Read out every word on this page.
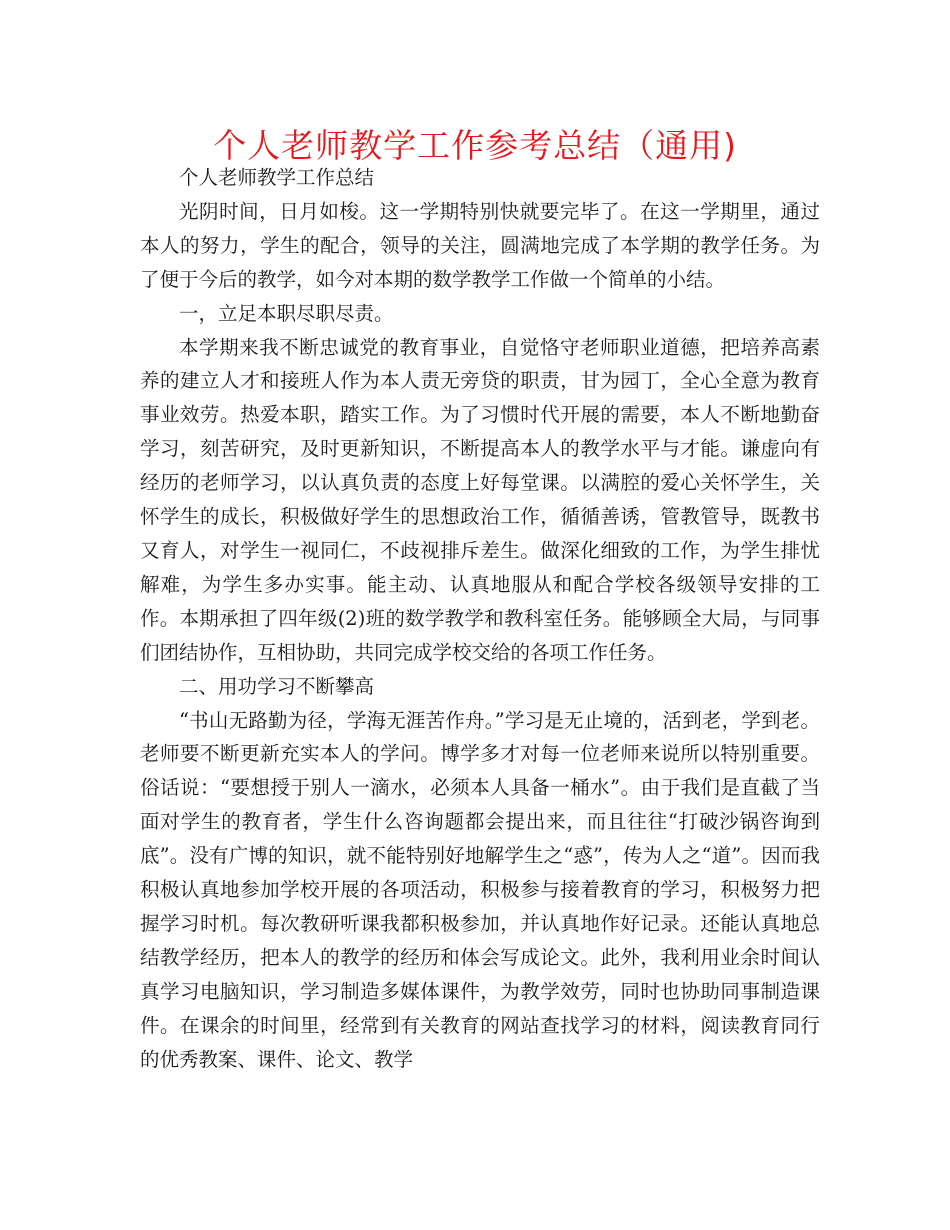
个人老师教学工作参考总结（通用)

个人老师教学工作总结

光阴时间，日月如梭。这一学期特别快就要完毕了。在这一学期里，通过本人的努力，学生的配合，领导的关注，圆满地完成了本学期的教学任务。为了便于今后的教学，如今对本期的数学教学工作做一个简单的小结。

一，立足本职尽职尽责。

本学期来我不断忠诚党的教育事业，自觉恪守老师职业道德，把培养高素养的建立人才和接班人作为本人责无旁贷的职责，甘为园丁，全心全意为教育事业效劳。热爱本职，踏实工作。为了习惯时代开展的需要，本人不断地勤奋学习，刻苦研究，及时更新知识，不断提高本人的教学水平与才能。谦虚向有经历的老师学习，以认真负责的态度上好每堂课。以满腔的爱心关怀学生，关怀学生的成长，积极做好学生的思想政治工作，循循善诱，管教管导，既教书又育人，对学生一视同仁，不歧视排斥差生。做深化细致的工作，为学生排忧解难，为学生多办实事。能主动、认真地服从和配合学校各级领导安排的工作。本期承担了四年级(2)班的数学教学和教科室任务。能够顾全大局，与同事们团结协作，互相协助，共同完成学校交给的各项工作任务。

二、用功学习不断攀高

“书山无路勤为径，学海无涯苦作舟。”学习是无止境的，活到老，学到老。老师要不断更新充实本人的学问。博学多才对每一位老师来说所以特别重要。俗话说：“要想授于别人一滴水，必须本人具备一桶水”。由于我们是直截了当面对学生的教育者，学生什么咨询题都会提出来，而且往往“打破沙锅咨询到底”。没有广博的知识，就不能特别好地解学生之“惑”，传为人之“道”。因而我积极认真地参加学校开展的各项活动，积极参与接着教育的学习，积极努力把握学习时机。每次教研听课我都积极参加，并认真地作好记录。还能认真地总结教学经历，把本人的教学的经历和体会写成论文。此外，我利用业余时间认真学习电脑知识，学习制造多媒体课件，为教学效劳，同时也协助同事制造课件。在课余的时间里，经常到有关教育的网站查找学习的材料，阅读教育同行的优秀教案、课件、论文、教学
